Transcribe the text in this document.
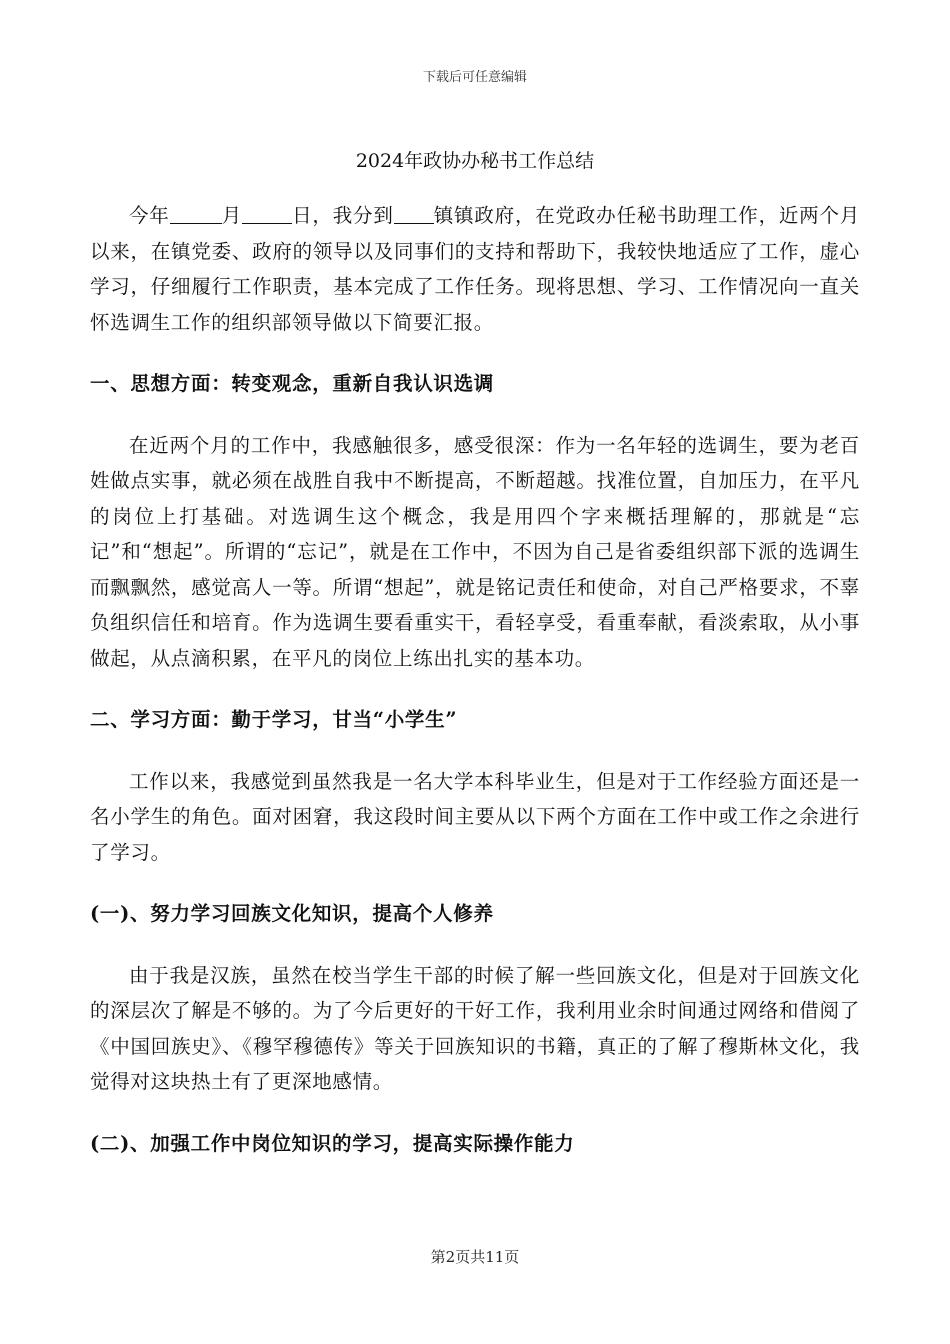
下载后可任意编辑
2024年政协办秘书工作总结

今年	月	日，我分到 镇镇政府，在党政办任秘书助理工作，近两个月以来，在镇党委、政府的领导以及同事们的支持和帮助下，我较快地适应了工作，虚心学习，仔细履行工作职责，基本完成了工作任务。现将思想、学习、工作情况向一直关怀选调生工作的组织部领导做以下简要汇报。

一、思想方面：转变观念，重新自我认识选调

在近两个月的工作中，我感触很多，感受很深：作为一名年轻的选调生，要为老百姓做点实事，就必须在战胜自我中不断提高，不断超越。找准位置，自加压力，在平凡的岗位上打基础。对选调生这个概念，我是用四个字来概括理解的，那就是“忘记”和“想起”。所谓的“忘记”，就是在工作中，不因为自己是省委组织部下派的选调生而飘飘然，感觉高人一等。所谓“想起”，就是铭记责任和使命，对自己严格要求，不辜负组织信任和培育。作为选调生要看重实干，看轻享受，看重奉献，看淡索取，从小事做起，从点滴积累，在平凡的岗位上练出扎实的基本功。

二、学习方面：勤于学习，甘当“小学生”

工作以来，我感觉到虽然我是一名大学本科毕业生，但是对于工作经验方面还是一名小学生的角色。面对困窘，我这段时间主要从以下两个方面在工作中或工作之余进行了学习。

(一)、努力学习回族文化知识，提高个人修养

由于我是汉族，虽然在校当学生干部的时候了解一些回族文化，但是对于回族文化的深层次了解是不够的。为了今后更好的干好工作，我利用业余时间通过网络和借阅了《中国回族史》、《穆罕穆德传》等关于回族知识的书籍，真正的了解了穆斯林文化，我觉得对这块热土有了更深地感情。

(二)、加强工作中岗位知识的学习，提高实际操作能力
第2页共11页
